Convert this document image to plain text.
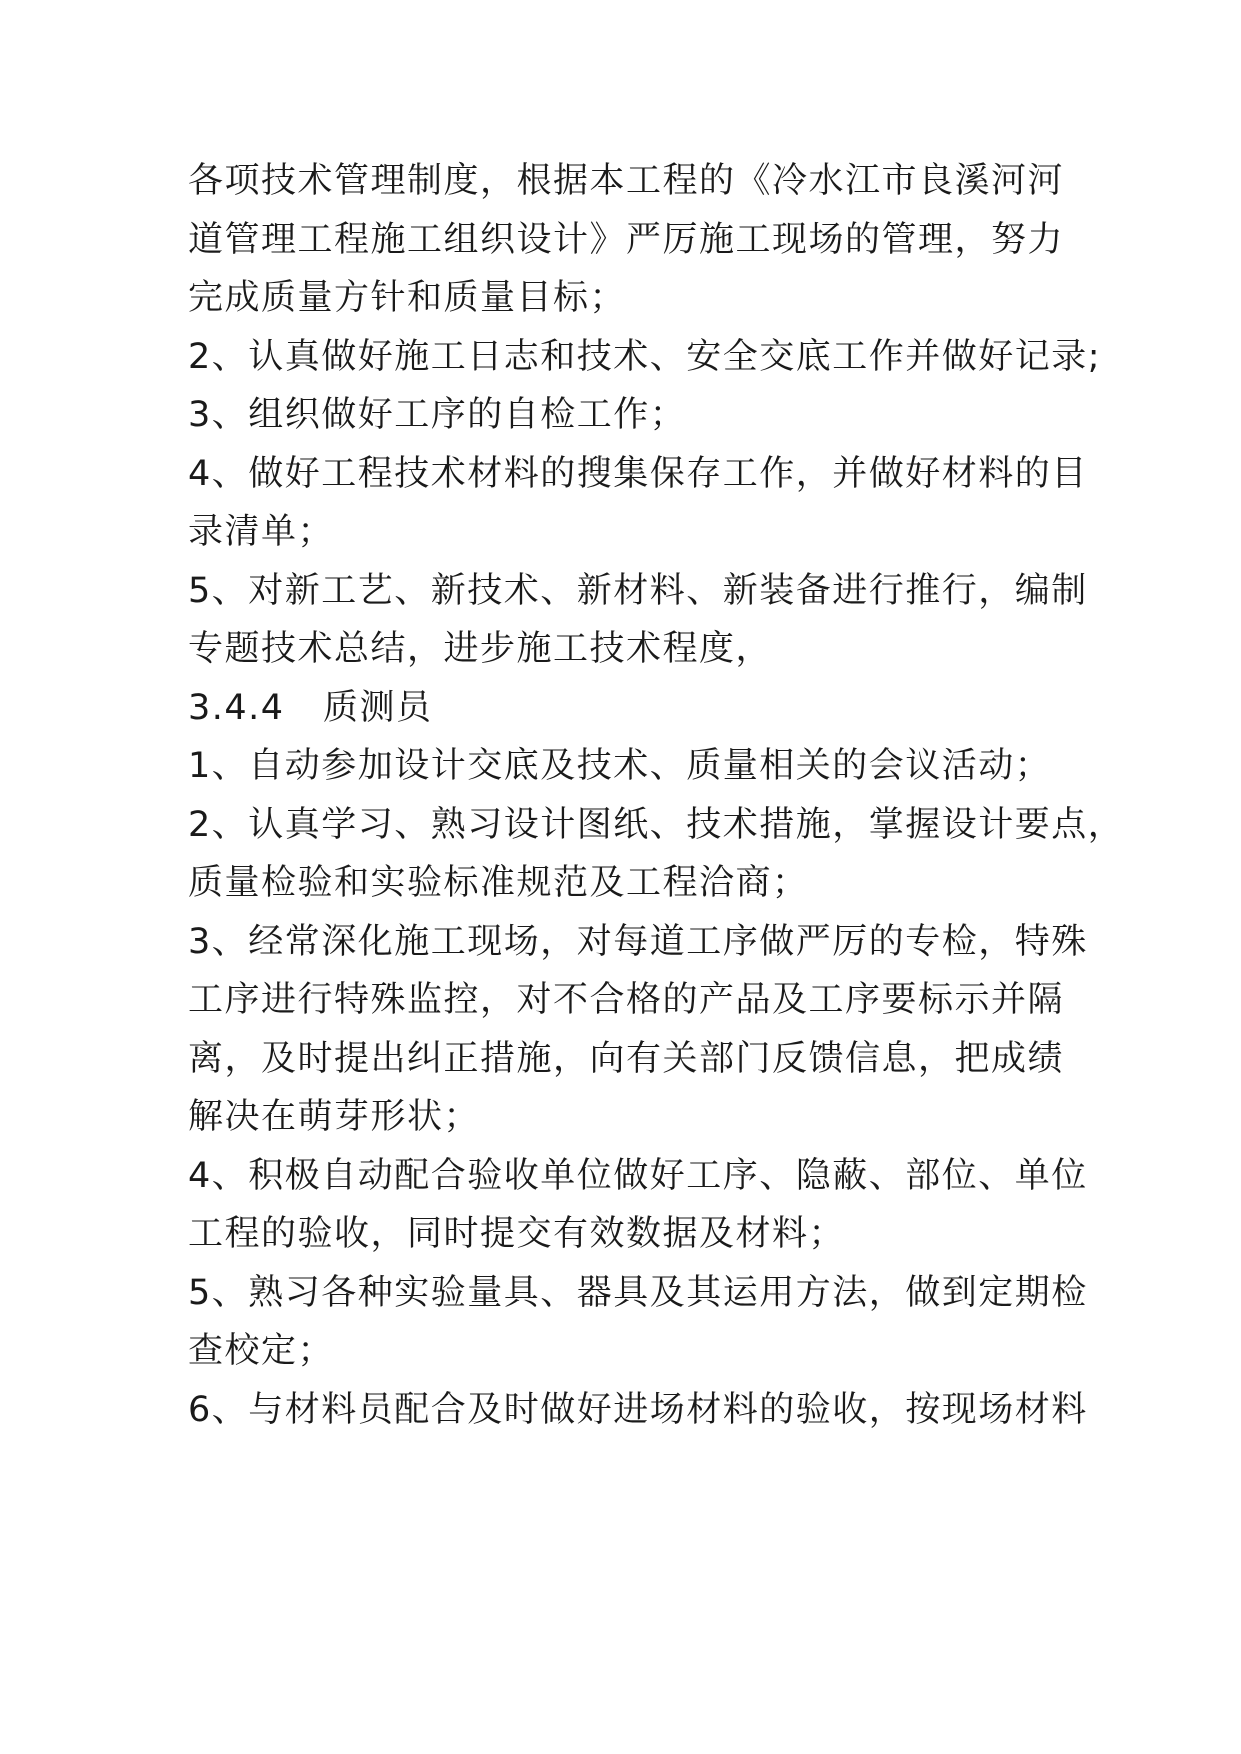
各项技术管理制度，根据本工程的《冷水江市良溪河河
道管理工程施工组织设计》严厉施工现场的管理，努力
完成质量方针和质量目标；
2、认真做好施工日志和技术、安全交底工作并做好记录;
3、组织做好工序的自检工作；
4、做好工程技术材料的搜集保存工作，并做好材料的目
录清单；
5、对新工艺、新技术、新材料、新装备进行推行，编制
专题技术总结，进步施工技术程度，
3.4.4 质测员
1、自动参加设计交底及技术、质量相关的会议活动；
2、认真学习、熟习设计图纸、技术措施，掌握设计要点，
质量检验和实验标准规范及工程洽商；
3、经常深化施工现场，对每道工序做严厉的专检，特殊
工序进行特殊监控，对不合格的产品及工序要标示并隔
离，及时提出纠正措施，向有关部门反馈信息，把成绩
解决在萌芽形状；
4、积极自动配合验收单位做好工序、隐蔽、部位、单位
工程的验收，同时提交有效数据及材料；
5、熟习各种实验量具、器具及其运用方法，做到定期检
查校定；
6、与材料员配合及时做好进场材料的验收，按现场材料
